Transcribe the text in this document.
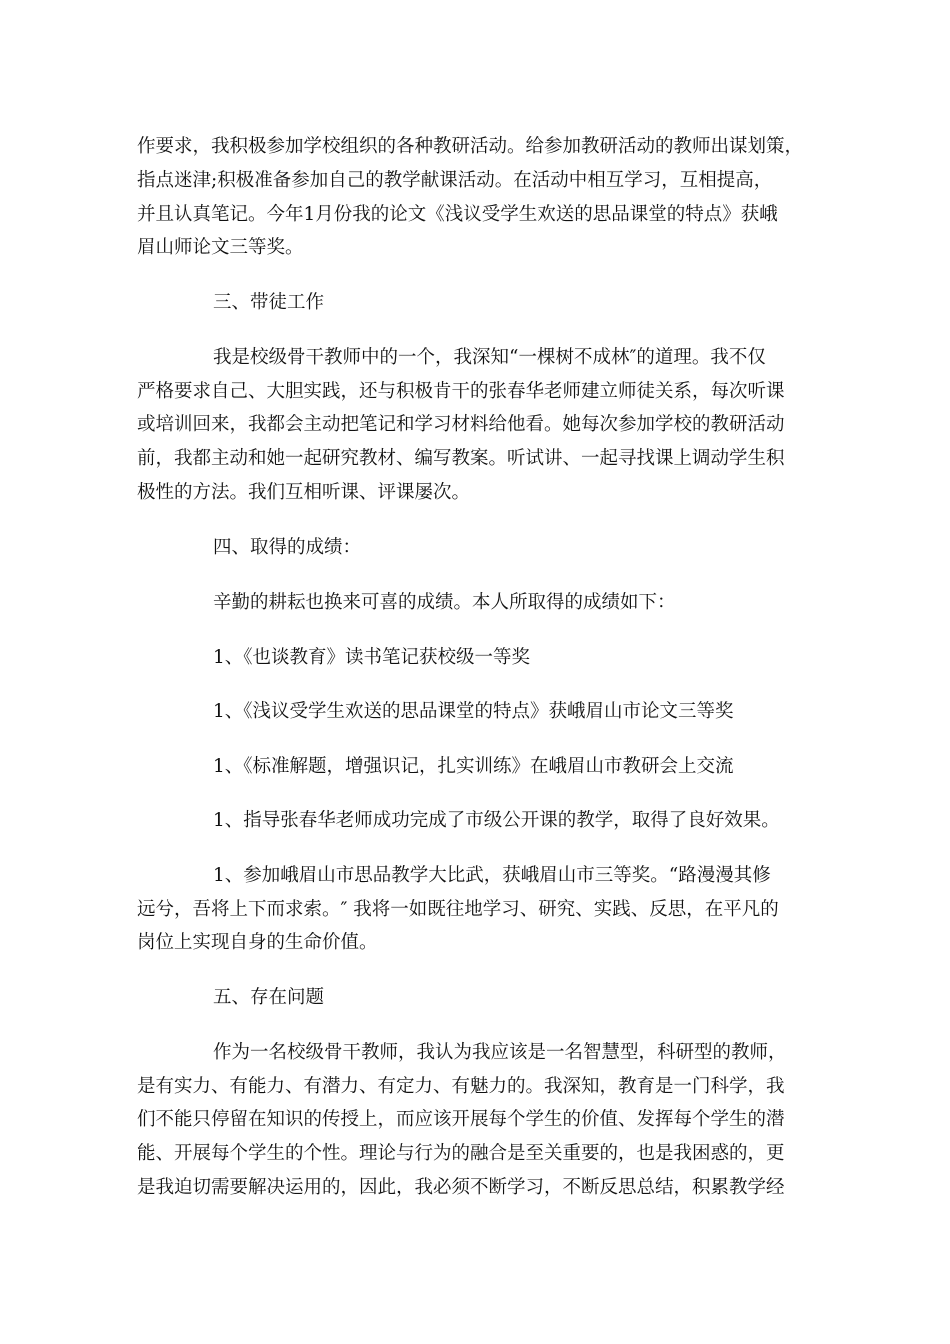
作要求，我积极参加学校组织的各种教研活动。给参加教研活动的教师出谋划策，
指点迷津;积极准备参加自己的教学献课活动。在活动中相互学习，互相提高，
并且认真笔记。今年1月份我的论文《浅议受学生欢送的思品课堂的特点》获峨
眉山师论文三等奖。
三、带徒工作
我是校级骨干教师中的一个，我深知“一棵树不成林″的道理。我不仅
严格要求自己、大胆实践，还与积极肯干的张春华老师建立师徒关系，每次听课
或培训回来，我都会主动把笔记和学习材料给他看。她每次参加学校的教研活动
前，我都主动和她一起研究教材、编写教案。听试讲、一起寻找课上调动学生积
极性的方法。我们互相听课、评课屡次。
四、取得的成绩：
辛勤的耕耘也换来可喜的成绩。本人所取得的成绩如下：
1、《也谈教育》读书笔记获校级一等奖
1、《浅议受学生欢送的思品课堂的特点》获峨眉山市论文三等奖
1、《标准解题，增强识记，扎实训练》在峨眉山市教研会上交流
1、指导张春华老师成功完成了市级公开课的教学，取得了良好效果。
1、参加峨眉山市思品教学大比武，获峨眉山市三等奖。“路漫漫其修
远兮，吾将上下而求索。″ 我将一如既往地学习、研究、实践、反思，在平凡的
岗位上实现自身的生命价值。
五、存在问题
作为一名校级骨干教师，我认为我应该是一名智慧型，科研型的教师，
是有实力、有能力、有潜力、有定力、有魅力的。我深知，教育是一门科学，我
们不能只停留在知识的传授上，而应该开展每个学生的价值、发挥每个学生的潜
能、开展每个学生的个性。理论与行为的融合是至关重要的，也是我困惑的，更
是我迫切需要解决运用的，因此，我必须不断学习，不断反思总结，积累教学经
